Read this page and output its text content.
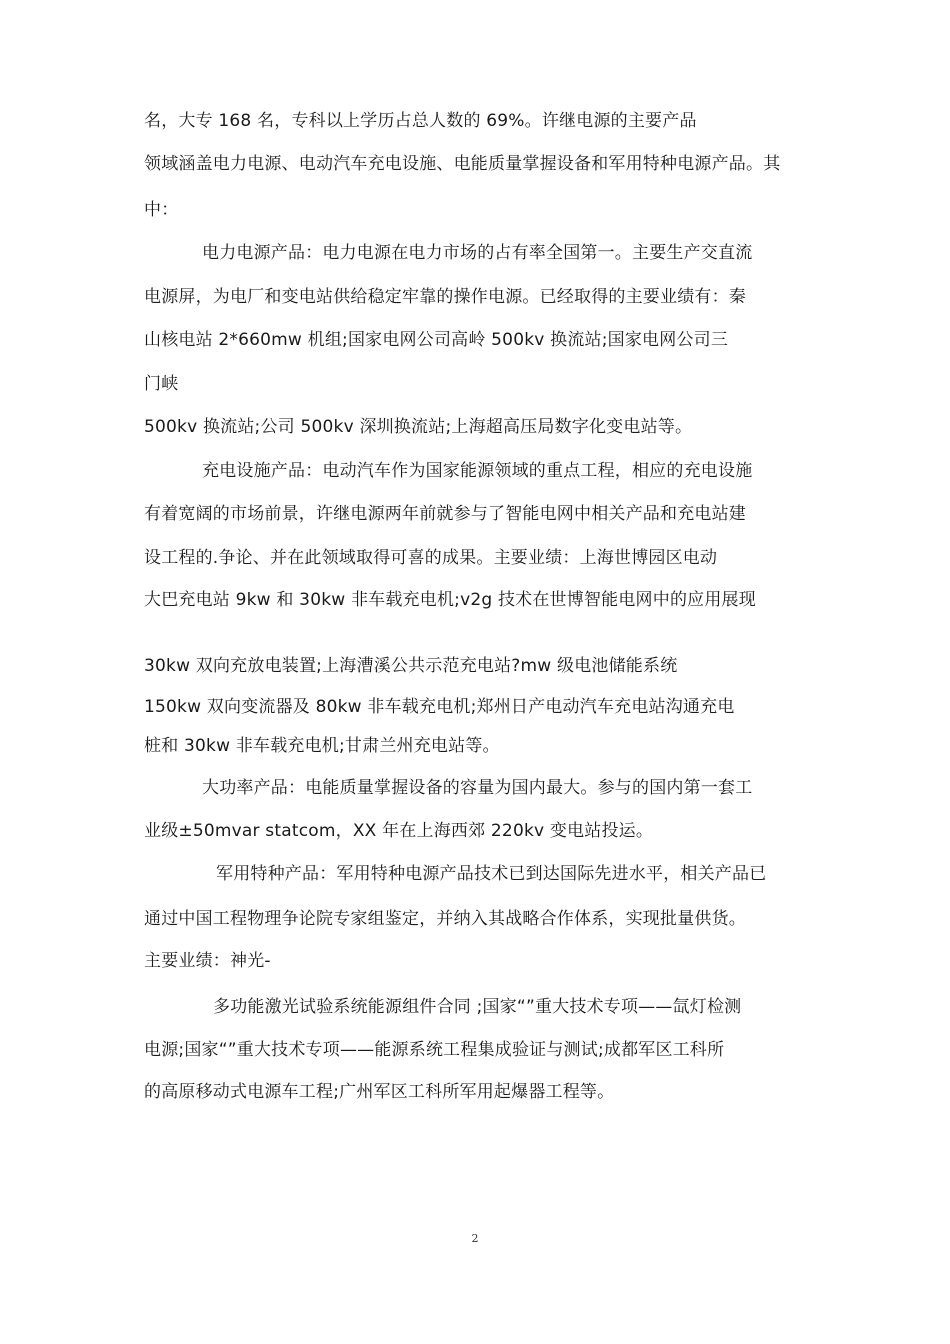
名，大专 168 名，专科以上学历占总人数的 69%。许继电源的主要产品
领域涵盖电力电源、电动汽车充电设施、电能质量掌握设备和军用特种电源产品。其
中：
电力电源产品：电力电源在电力市场的占有率全国第一。主要生产交直流
电源屏，为电厂和变电站供给稳定牢靠的操作电源。已经取得的主要业绩有：秦
山核电站 2*660mw 机组;国家电网公司高岭 500kv 换流站;国家电网公司三
门峡
500kv 换流站;公司 500kv 深圳换流站;上海超高压局数字化变电站等。
充电设施产品：电动汽车作为国家能源领域的重点工程，相应的充电设施
有着宽阔的市场前景，许继电源两年前就参与了智能电网中相关产品和充电站建
设工程的.争论、并在此领域取得可喜的成果。主要业绩：上海世博园区电动
大巴充电站 9kw 和 30kw 非车载充电机;v2g 技术在世博智能电网中的应用展现
30kw 双向充放电装置;上海漕溪公共示范充电站?mw 级电池储能系统
150kw 双向变流器及 80kw 非车载充电机;郑州日产电动汽车充电站沟通充电
桩和 30kw 非车载充电机;甘肃兰州充电站等。
大功率产品：电能质量掌握设备的容量为国内最大。参与的国内第一套工
业级±50mvar statcom，XX 年在上海西郊 220kv 变电站投运。
军用特种产品：军用特种电源产品技术已到达国际先进水平，相关产品已
通过中国工程物理争论院专家组鉴定，并纳入其战略合作体系，实现批量供货。
主要业绩：神光-
多功能激光试验系统能源组件合同 ;国家“”重大技术专项——氙灯检测
电源;国家“”重大技术专项——能源系统工程集成验证与测试;成都军区工科所
的高原移动式电源车工程;广州军区工科所军用起爆器工程等。
2
